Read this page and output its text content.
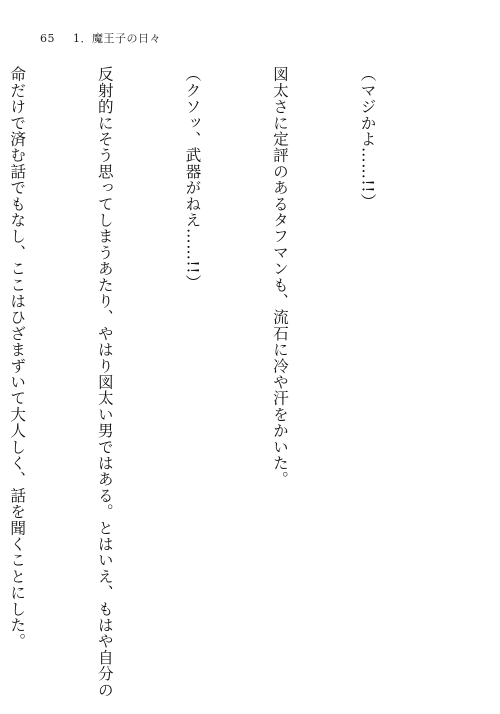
65 1．魔王子の日々

（マジかよ……!!）

図太さに定評のあるタフマンも、流石に冷や汗をかいた。

（クソッ、武器がねえ……!!）

反射的にそう思ってしまうあたり、やはり図太い男ではある。とはいえ、もはや自分の

命だけで済む話でもなし、ここはひざまずいて大人しく、話を聞くことにした。
